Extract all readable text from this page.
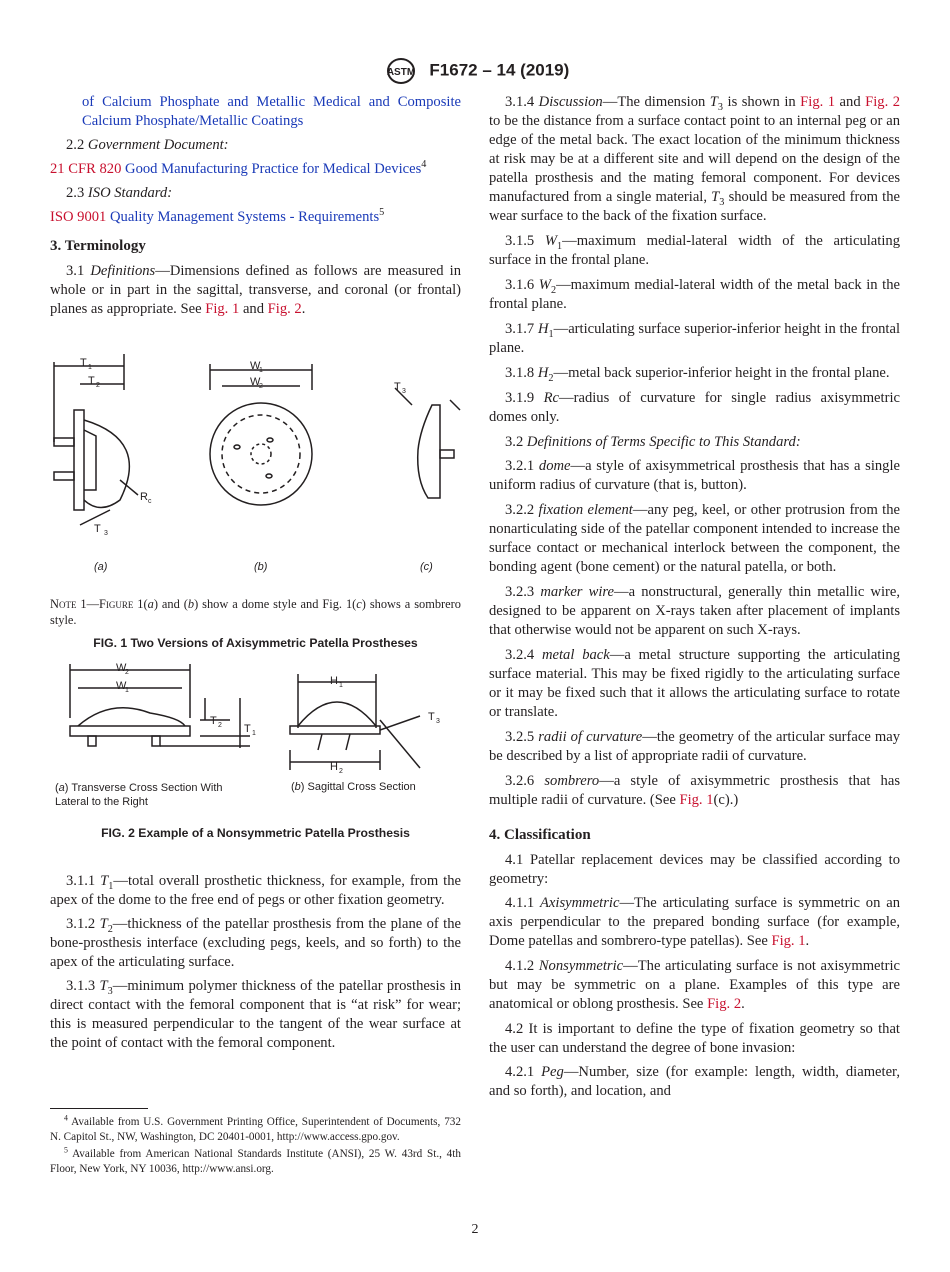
ASTM F1672 – 14 (2019)

of Calcium Phosphate and Metallic Medical and Composite Calcium Phosphate/Metallic Coatings

2.2 Government Document:

21 CFR 820 Good Manufacturing Practice for Medical Devices$^4$

2.3 ISO Standard:

ISO 9001 Quality Management Systems - Requirements$^5$

3. Terminology

3.1 Definitions—Dimensions defined as follows are measured in whole or in part in the sagittal, transverse, and coronal (or frontal) planes as appropriate. See Fig. 1 and Fig. 2.

T 3
T 1
T 2
R c
W
1
W
2	T 3
(a)	(b)	(c)

Note 1—Figure 1(a) and (b) show a dome style and Fig. 1(c) shows a sombrero style.

FIG. 1 Two Versions of Axisymmetric Patella Prostheses

W
2
W
1
T 2 T 1
H 1
H 2
T 3
(a) Transverse Cross Section With Lateral to the Right
(b) Sagittal Cross Section

FIG. 2 Example of a Nonsymmetric Patella Prosthesis

3.1.1 $T_1—total$ overall prosthetic thickness, for example, from the apex of the dome to the free end of pegs or other fixation geometry.

3.1.2 $T_2—thickness$ of the patellar prosthesis from the plane of the bone-prosthesis interface (excluding pegs, keels, and so forth) to the apex of the articulating surface.

3.1.3 $T_3—minimum$ polymer thickness of the patellar prosthesis in direct contact with the femoral component that is “at risk” for wear; this is measured perpendicular to the tangent of the wear surface at the point of contact with the femoral component.

$^4$ Available from U.S. Government Printing Office, Superintendent of Documents, 732 N. Capitol St., NW, Washington, DC 20401-0001, http://www.access.gpo.gov.

$^5$ Available from American National Standards Institute (ANSI), 25 W. 43rd St., 4th Floor, New York, NY 10036, http://www.ansi.org.

3.1.4 Discussion—The dimension $T_3$ is shown in Fig. 1 and Fig. 2 to be the distance from a surface contact point to an internal peg or an edge of the metal back. The exact location of the minimum thickness at risk may be at a different site and will depend on the design of the patella prosthesis and the mating femoral component. For devices manufactured from a single material, $T_3$ should be measured from the wear surface to the back of the fixation surface.

3.1.5 $W_1—maximum$ medial-lateral width of the articulating surface in the frontal plane.

3.1.6 $W_2—maximum$ medial-lateral width of the metal back in the frontal plane.

3.1.7 $H_1—articulating$ surface superior-inferior height in the frontal plane.

3.1.8 $H_2—metal$ back superior-inferior height in the frontal plane.

3.1.9 Rc—radius of curvature for single radius axisymmetric domes only.

3.2 Definitions of Terms Specific to This Standard:

3.2.1 dome—a style of axisymmetrical prosthesis that has a single uniform radius of curvature (that is, button).

3.2.2 fixation element—any peg, keel, or other protrusion from the nonarticulating side of the patellar component intended to increase the surface contact or mechanical interlock between the component, the bonding agent (bone cement) or the natural patella, or both.

3.2.3 marker wire—a nonstructural, generally thin metallic wire, designed to be apparent on X-rays taken after placement of implants that otherwise would not be apparent on such X-rays.

3.2.4 metal back—a metal structure supporting the articulating surface material. This may be fixed rigidly to the articulating surface or it may be fixed such that it allows the articulating surface to rotate or translate.

3.2.5 radii of curvature—the geometry of the articular surface may be described by a list of appropriate radii of curvature.

3.2.6 sombrero—a style of axisymmetric prosthesis that has multiple radii of curvature. (See Fig. 1(c).)

4. Classification

4.1 Patellar replacement devices may be classified according to geometry:

4.1.1 Axisymmetric—The articulating surface is symmetric on an axis perpendicular to the prepared bonding surface (for example, Dome patellas and sombrero-type patellas). See Fig. 1.

4.1.2 Nonsymmetric—The articulating surface is not axisymmetric but may be symmetric on a plane. Examples of this type are anatomical or oblong prosthesis. See Fig. 2.

4.2 It is important to define the type of fixation geometry so that the user can understand the degree of bone invasion:

4.2.1 Peg—Number, size (for example: length, width, diameter, and so forth), and location, and

2
